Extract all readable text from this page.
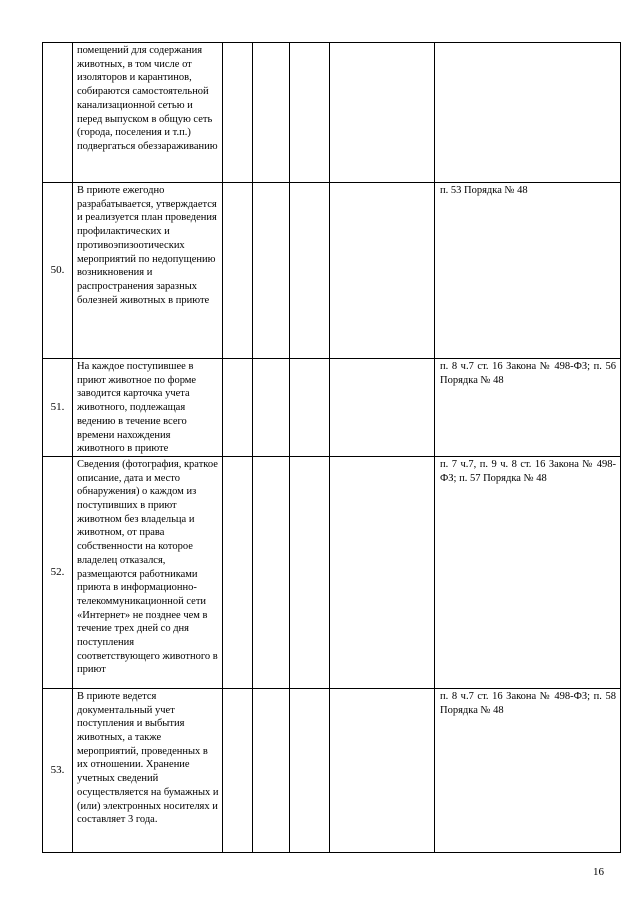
	помещений для содержания животных, в том числе от изоляторов и карантинов, собираются самостоятельной канализационной сетью и перед выпуском в общую сеть (города, поселения и т.п.) подвергаться обеззараживанию					
50.	В приюте ежегодно разрабатывается, утверждается и реализуется план проведения профилактических и противоэпизоотических мероприятий по недопущению возникновения и распространения заразных болезней животных в приюте					п. 53 Порядка № 48
51.	На каждое поступившее в приют животное по форме заводится карточка учета животного, подлежащая ведению в течение всего времени нахождения животного в приюте					п. 8 ч.7 ст. 16 Закона № 498-ФЗ; п. 56 Порядка № 48
52.	Сведения (фотография, краткое описание, дата и место обнаружения) о каждом из поступивших в приют животном без владельца и животном, от права собственности на которое владелец отказался, размещаются работниками приюта в информационно-телекоммуникационной сети «Интернет» не позднее чем в течение трех дней со дня поступления соответствующего животного в приют					п. 7 ч.7, п. 9 ч. 8 ст. 16 Закона № 498-ФЗ; п. 57 Порядка № 48
53.	В приюте ведется документальный учет поступления и выбытия животных, а также мероприятий, проведенных в их отношении. Хранение учетных сведений осуществляется на бумажных и (или) электронных носителях и составляет 3 года.					п. 8 ч.7 ст. 16 Закона № 498-ФЗ; п. 58 Порядка № 48
16
